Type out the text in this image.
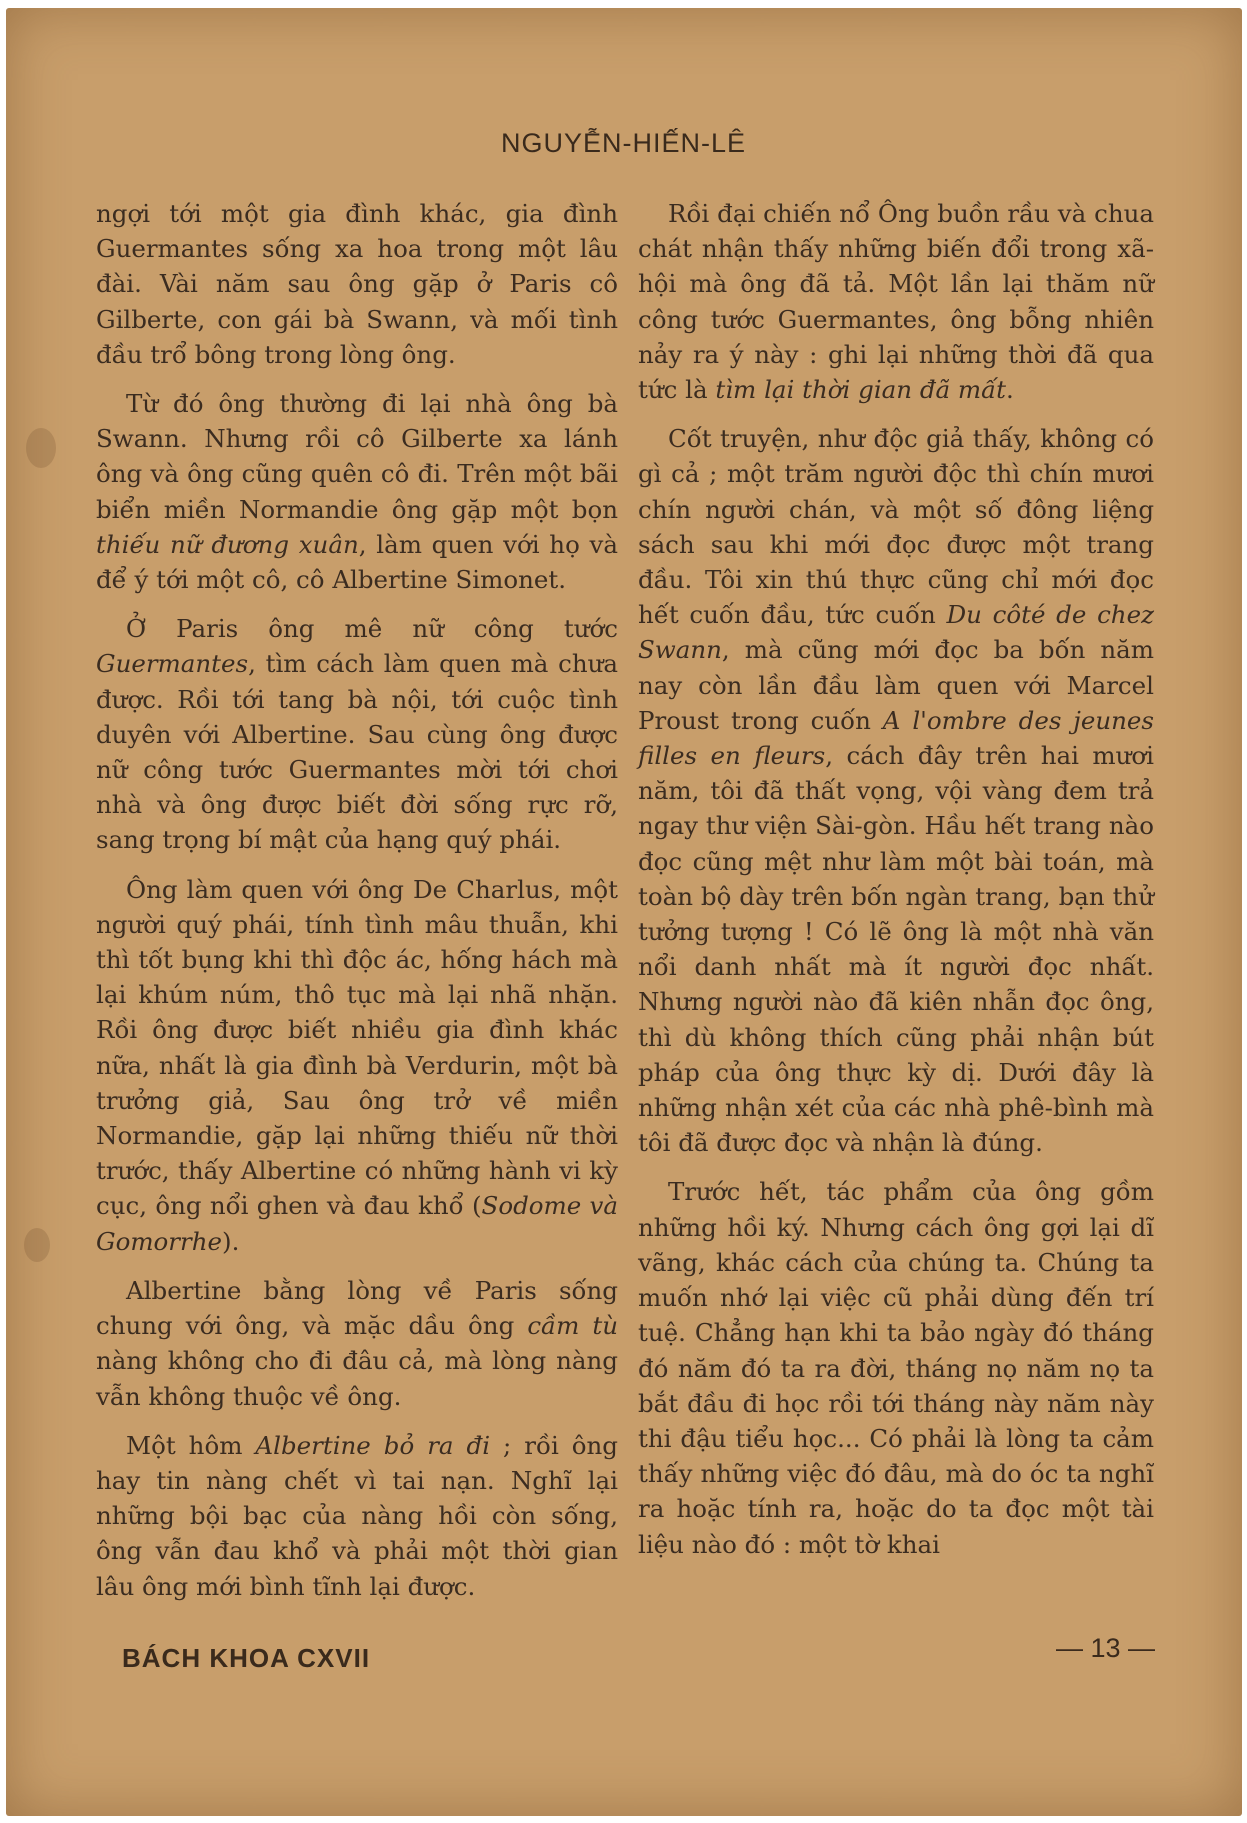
NGUYỄN-HIẾN-LÊ

ngợi tới một gia đình khác, gia đình Guermantes sống xa hoa trong một lâu đài. Vài năm sau ông gặp ở Paris cô Gilberte, con gái bà Swann, và mối tình đầu trổ bông trong lòng ông.

Từ đó ông thường đi lại nhà ông bà Swann. Nhưng rồi cô Gilberte xa lánh ông và ông cũng quên cô đi. Trên một bãi biển miền Normandie ông gặp một bọn thiếu nữ đương xuân, làm quen với họ và để ý tới một cô, cô Albertine Simonet.

Ở Paris ông mê nữ công tước Guermantes, tìm cách làm quen mà chưa được. Rồi tới tang bà nội, tới cuộc tình duyên với Albertine. Sau cùng ông được nữ công tước Guermantes mời tới chơi nhà và ông được biết đời sống rực rỡ, sang trọng bí mật của hạng quý phái.

Ông làm quen với ông De Charlus, một người quý phái, tính tình mâu thuẫn, khi thì tốt bụng khi thì độc ác, hống hách mà lại khúm núm, thô tục mà lại nhã nhặn. Rồi ông được biết nhiều gia đình khác nữa, nhất là gia đình bà Verdurin, một bà trưởng giả, Sau ông trở về miền Normandie, gặp lại những thiếu nữ thời trước, thấy Albertine có những hành vi kỳ cục, ông nổi ghen và đau khổ (Sodome và Gomorrhe).

Albertine bằng lòng về Paris sống chung với ông, và mặc dầu ông cầm tù nàng không cho đi đâu cả, mà lòng nàng vẫn không thuộc về ông.

Một hôm Albertine bỏ ra đi ; rồi ông hay tin nàng chết vì tai nạn. Nghĩ lại những bội bạc của nàng hồi còn sống, ông vẫn đau khổ và phải một thời gian lâu ông mới bình tĩnh lại được.

Rồi đại chiến nổ Ông buồn rầu và chua chát nhận thấy những biến đổi trong xã-hội mà ông đã tả. Một lần lại thăm nữ công tước Guermantes, ông bỗng nhiên nảy ra ý này : ghi lại những thời đã qua tức là tìm lại thời gian đã mất.

Cốt truyện, như độc giả thấy, không có gì cả ; một trăm người độc thì chín mươi chín người chán, và một số đông liệng sách sau khi mới đọc được một trang đầu. Tôi xin thú thực cũng chỉ mới đọc hết cuốn đầu, tức cuốn Du côté de chez Swann, mà cũng mới đọc ba bốn năm nay còn lần đầu làm quen với Marcel Proust trong cuốn A l'ombre des jeunes filles en fleurs, cách đây trên hai mươi năm, tôi đã thất vọng, vội vàng đem trả ngay thư viện Sài-gòn. Hầu hết trang nào đọc cũng mệt như làm một bài toán, mà toàn bộ dày trên bốn ngàn trang, bạn thử tưởng tượng ! Có lẽ ông là một nhà văn nổi danh nhất mà ít người đọc nhất. Nhưng người nào đã kiên nhẫn đọc ông, thì dù không thích cũng phải nhận bút pháp của ông thực kỳ dị. Dưới đây là những nhận xét của các nhà phê-bình mà tôi đã được đọc và nhận là đúng.

Trước hết, tác phẩm của ông gồm những hồi ký. Nhưng cách ông gợi lại dĩ vãng, khác cách của chúng ta. Chúng ta muốn nhớ lại việc cũ phải dùng đến trí tuệ. Chẳng hạn khi ta bảo ngày đó tháng đó năm đó ta ra đời, tháng nọ năm nọ ta bắt đầu đi học rồi tới tháng này năm này thi đậu tiểu học... Có phải là lòng ta cảm thấy những việc đó đâu, mà do óc ta nghĩ ra hoặc tính ra, hoặc do ta đọc một tài liệu nào đó : một tờ khai

BÁCH KHOA CXVII	— 13 —
